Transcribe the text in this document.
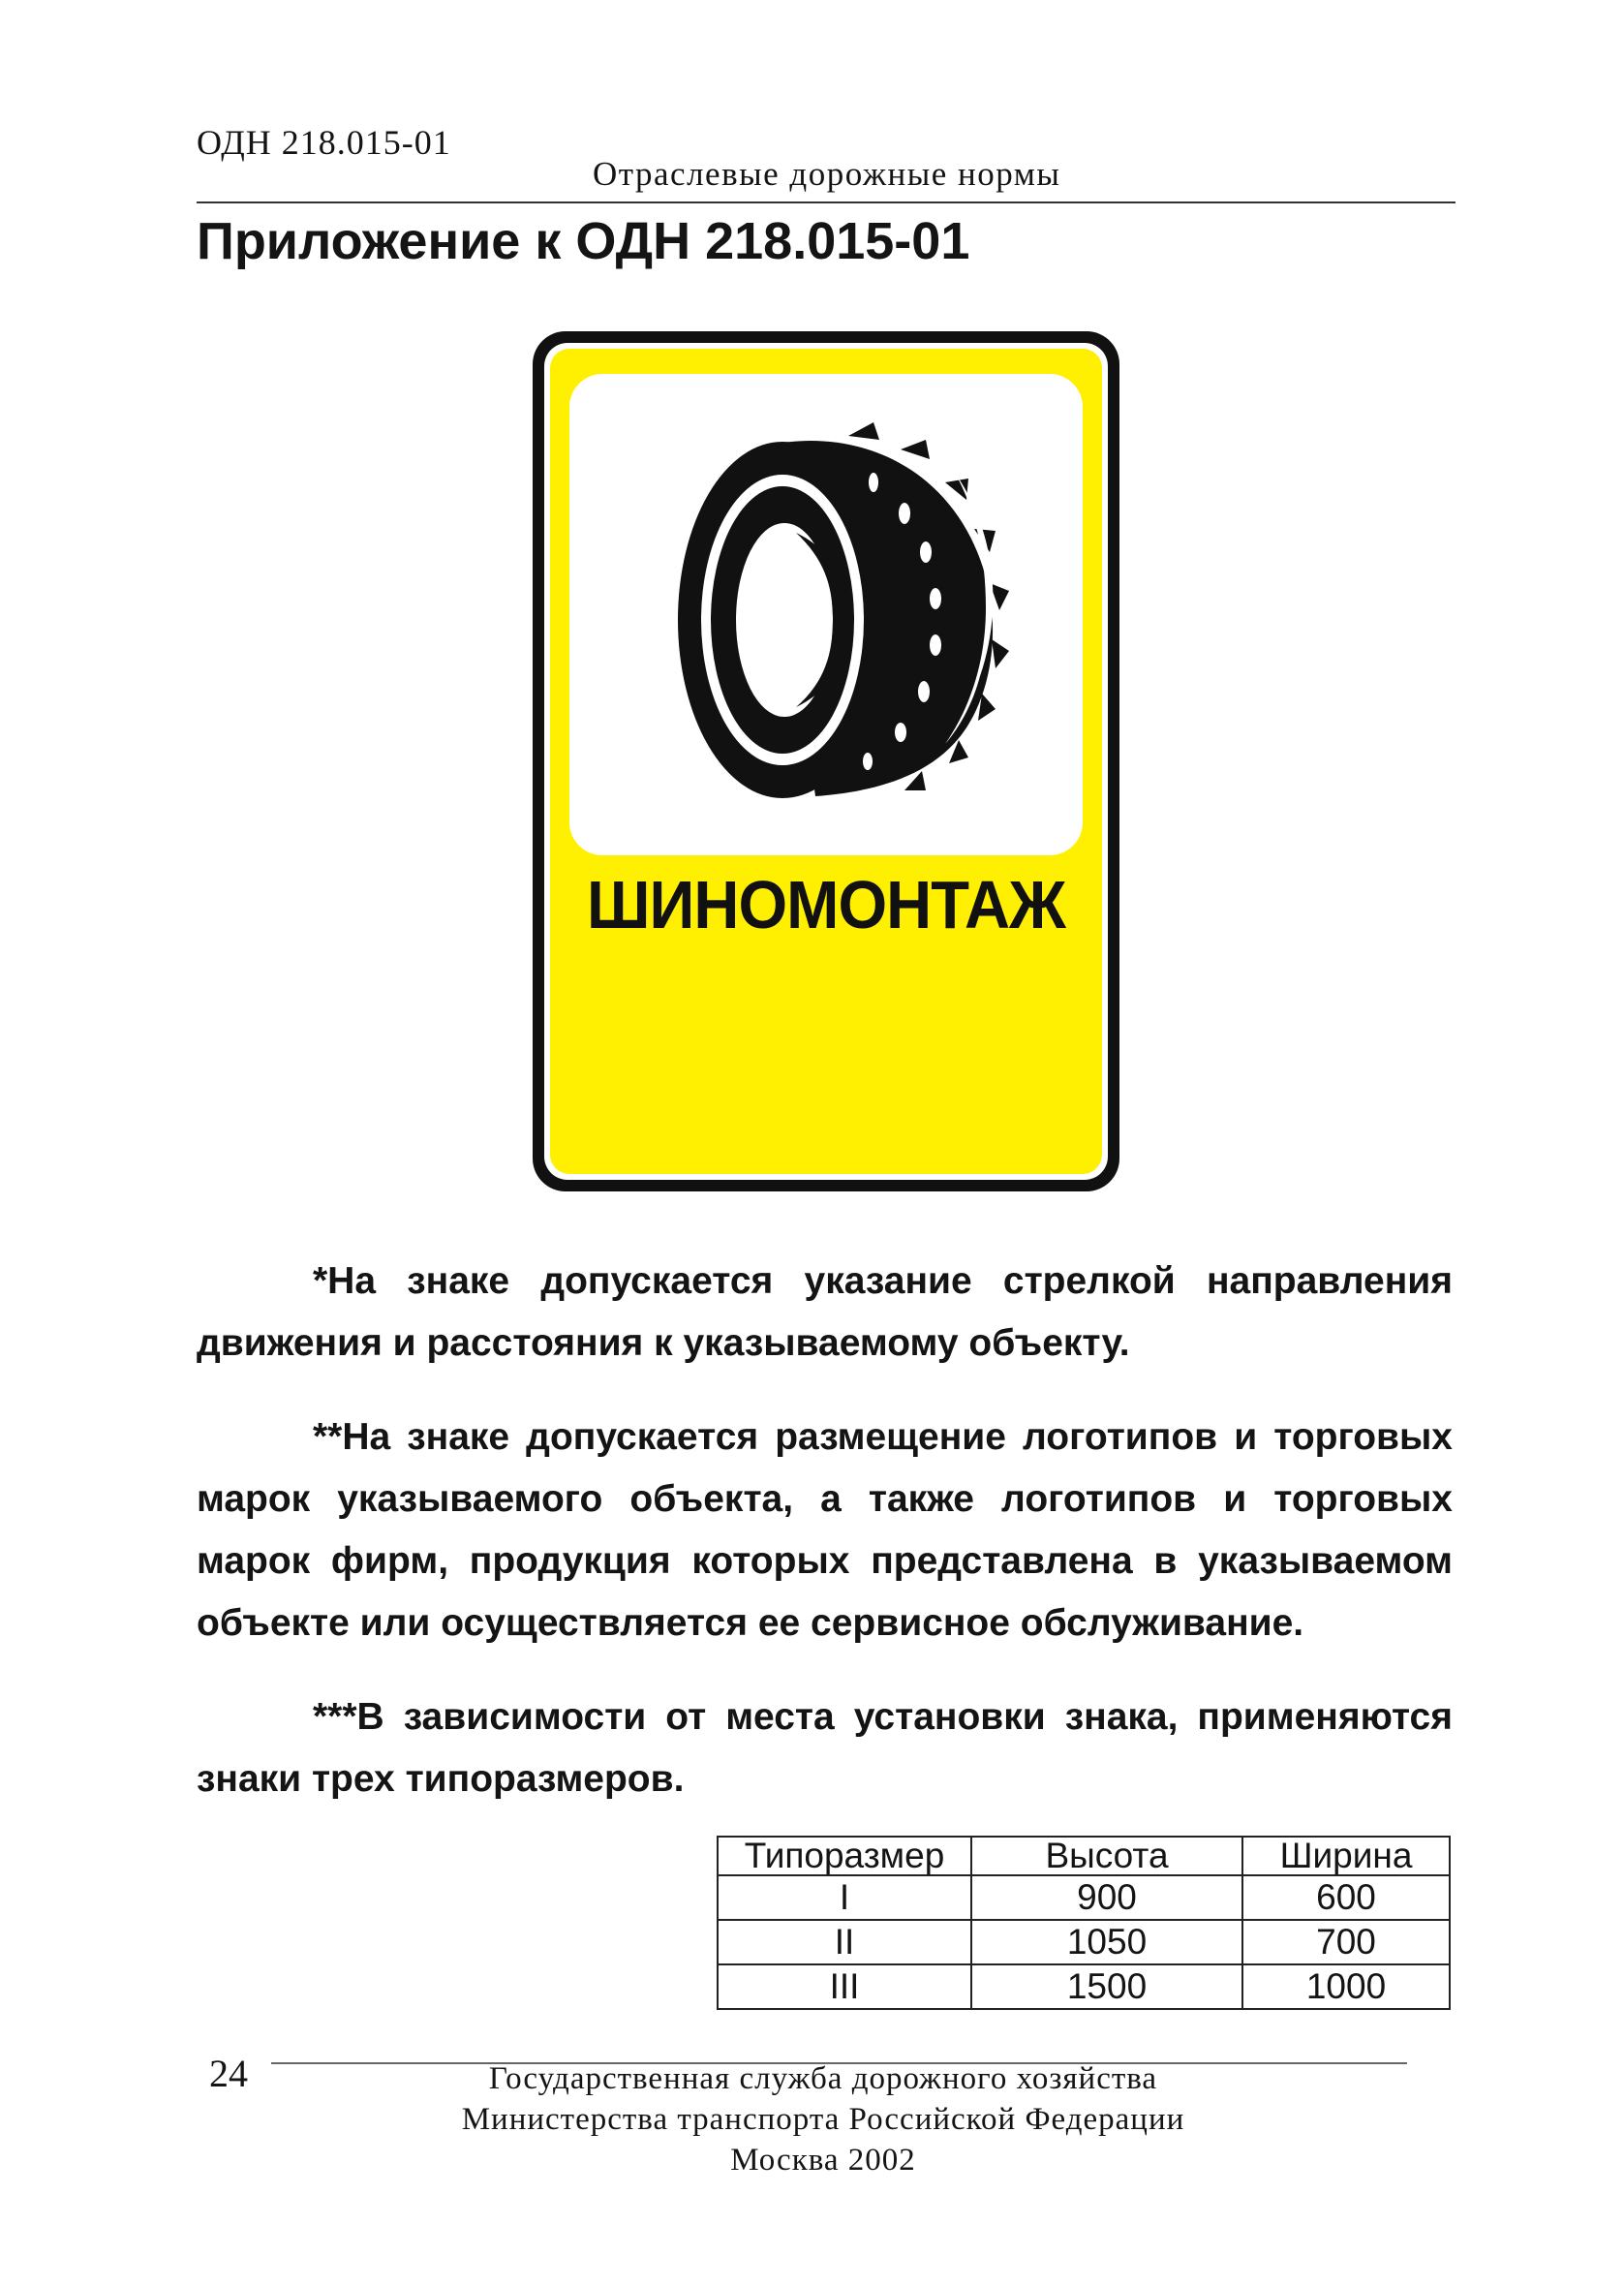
ОДН 218.015-01
Отраслевые дорожные нормы
Приложение к ОДН 218.015-01
ШИНОМОНТАЖ

*На знаке допускается указание стрелкой направления движения и расстояния к указываемому объекту.

**На знаке допускается размещение логотипов и торговых марок указываемого объекта, а также логотипов и торговых марок фирм, продукция которых представлена в указываемом объекте или осуществляется ее сервисное обслуживание.

***В зависимости от места установки знака, применяются знаки трех типоразмеров.

Типоразмер	Высота	Ширина
I	900	600
II	1050	700
III	1500	1000
24	Государственная служба дорожного хозяйства
Министерства транспорта Российской Федерации
Москва 2002
